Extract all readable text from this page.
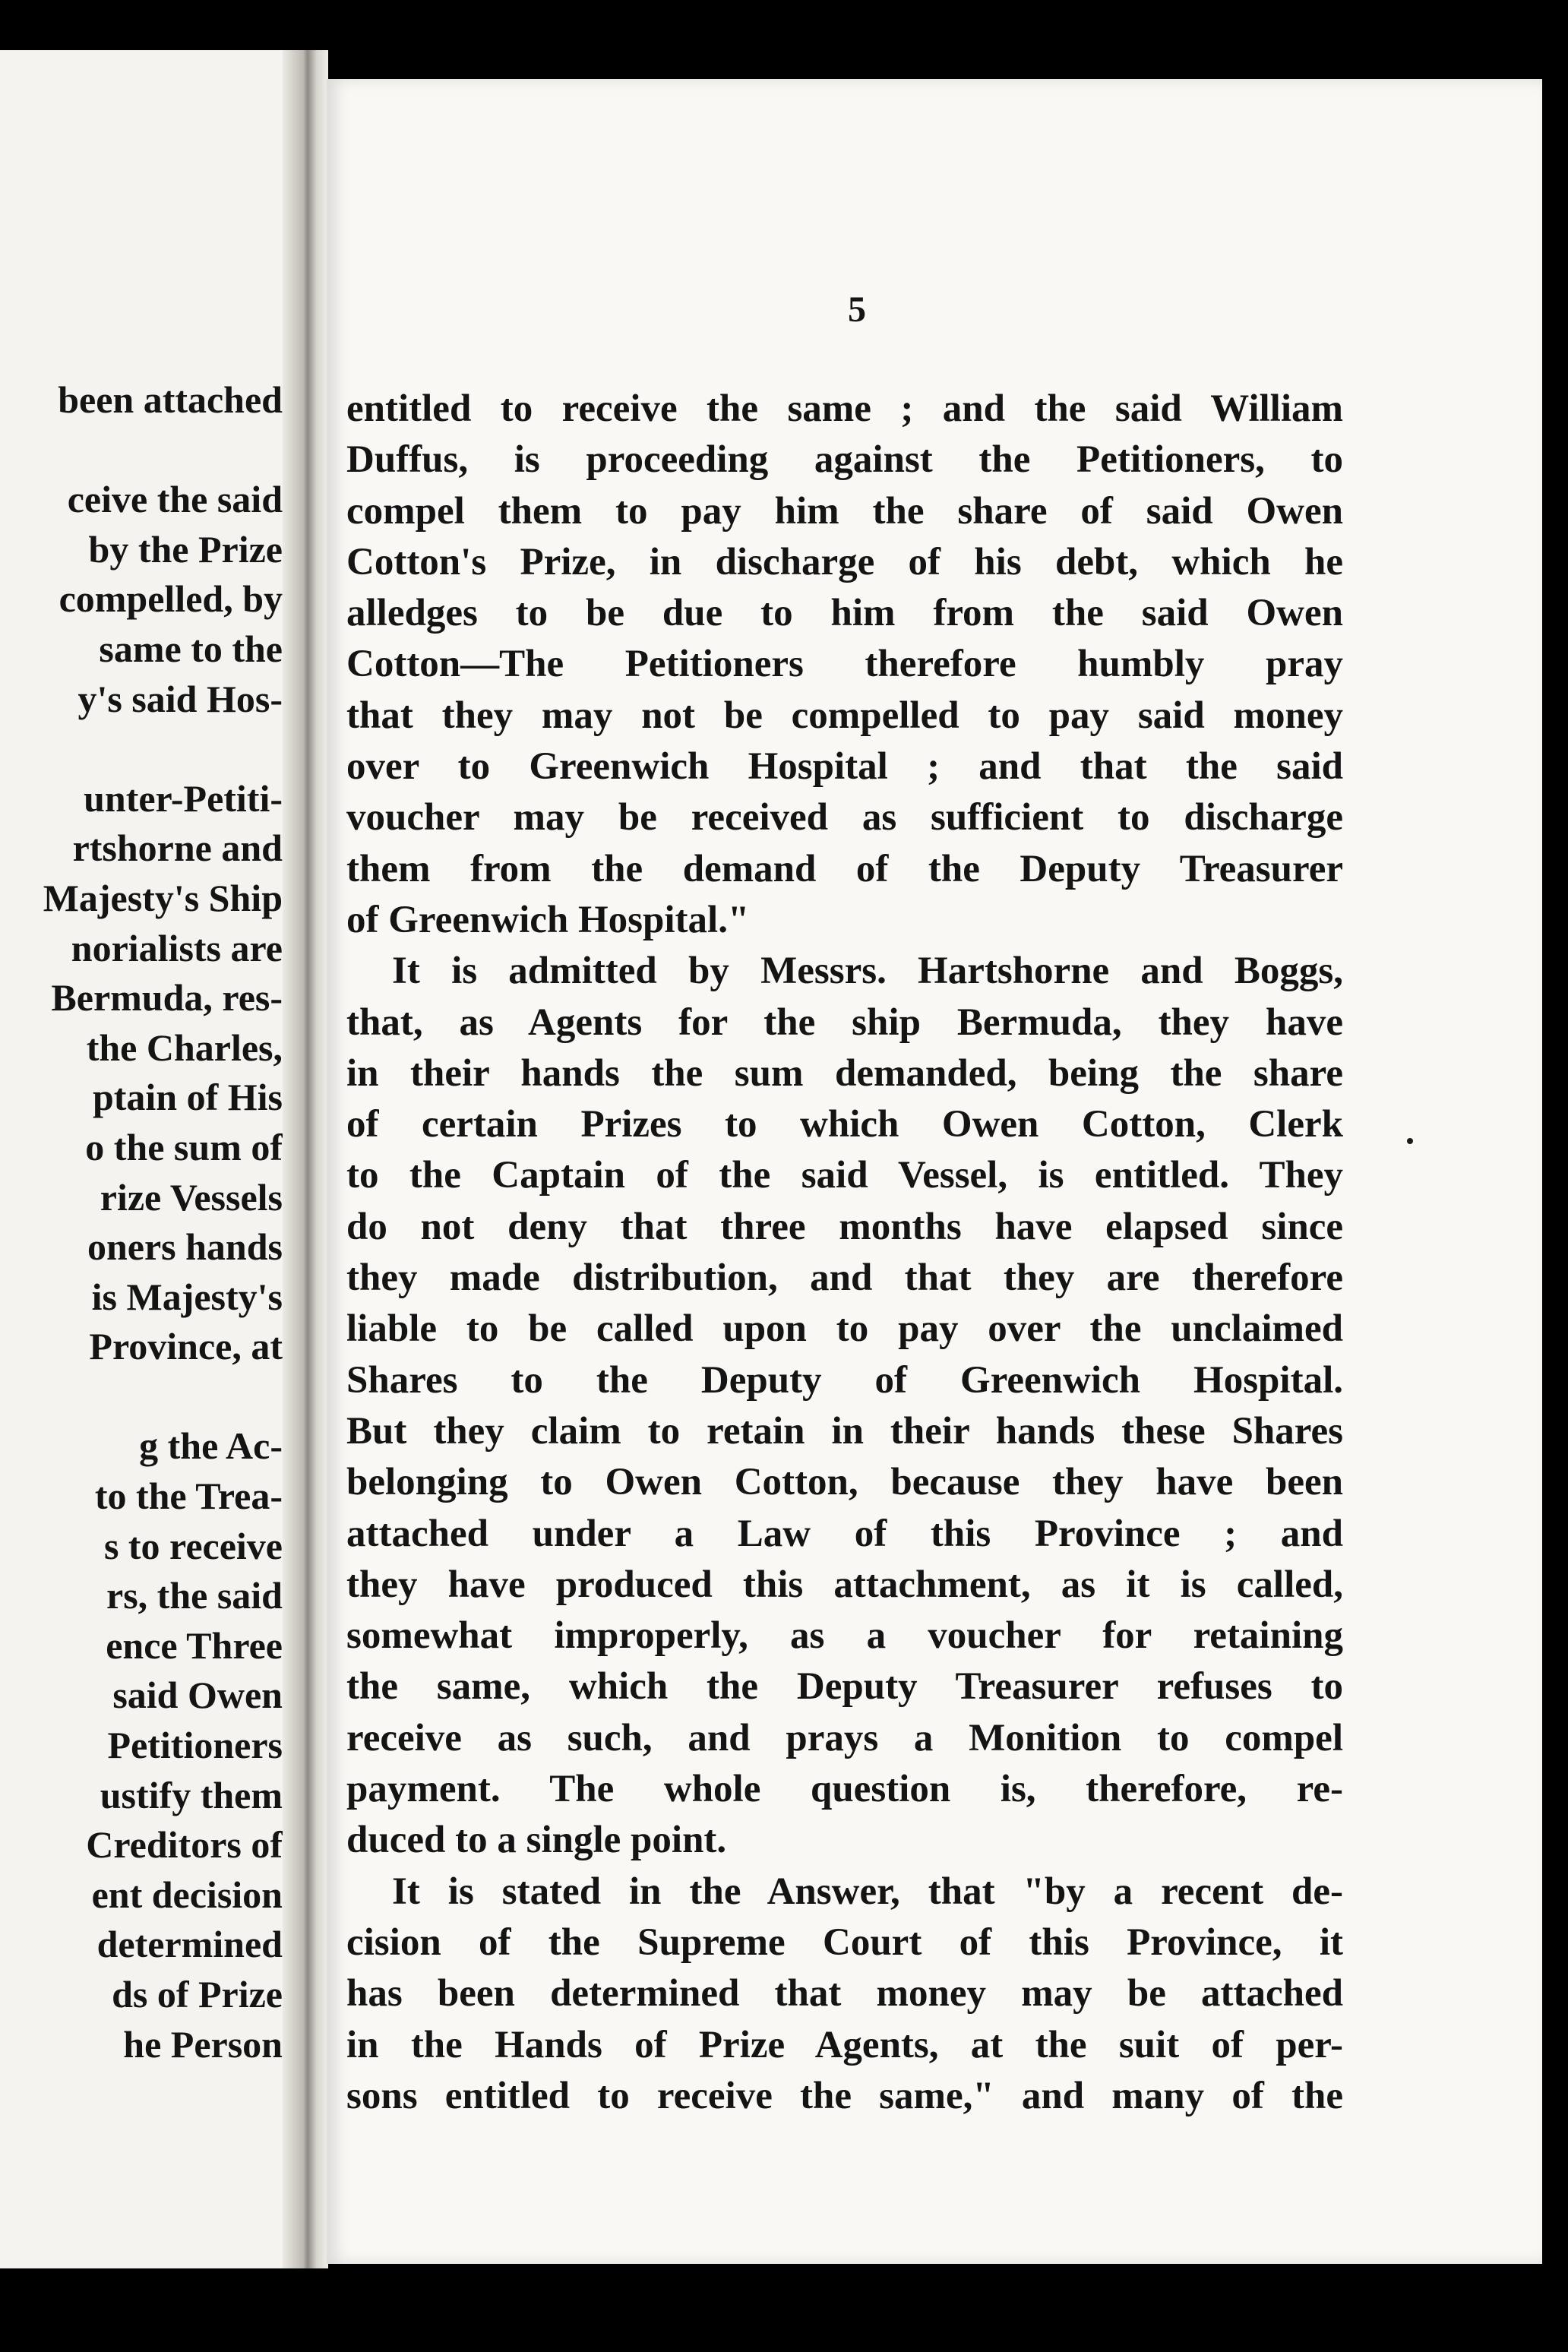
been attached
ceive the said
by the Prize
compelled, by
same to the
y's said Hos-
unter-Petiti-
rtshorne and
Majesty's Ship
norialists are
Bermuda, res-
the Charles,
ptain of His
o the sum of
rize Vessels
oners hands
is Majesty's
Province, at
g the Ac-
to the Trea-
s to receive
rs, the said
ence Three
said Owen
Petitioners
ustify them
Creditors of
ent decision
determined
ds of Prize
he Person
5
entitled to receive the same ; and the said William
Duffus, is proceeding against the Petitioners, to
compel them to pay him the share of said Owen
Cotton's Prize, in discharge of his debt, which he
alledges to be due to him from the said Owen
Cotton—The Petitioners therefore humbly pray
that they may not be compelled to pay said money
over to Greenwich Hospital ; and that the said
voucher may be received as sufficient to discharge
them from the demand of the Deputy Treasurer
of Greenwich Hospital."
It is admitted by Messrs. Hartshorne and Boggs,
that, as Agents for the ship Bermuda, they have
in their hands the sum demanded, being the share
of certain Prizes to which Owen Cotton, Clerk
to the Captain of the said Vessel, is entitled. They
do not deny that three months have elapsed since
they made distribution, and that they are therefore
liable to be called upon to pay over the unclaimed
Shares to the Deputy of Greenwich Hospital.
But they claim to retain in their hands these Shares
belonging to Owen Cotton, because they have been
attached under a Law of this Province ; and
they have produced this attachment, as it is called,
somewhat improperly, as a voucher for retaining
the same, which the Deputy Treasurer refuses to
receive as such, and prays a Monition to compel
payment. The whole question is, therefore, re-
duced to a single point.
It is stated in the Answer, that "by a recent de-
cision of the Supreme Court of this Province, it
has been determined that money may be attached
in the Hands of Prize Agents, at the suit of per-
sons entitled to receive the same," and many of the
